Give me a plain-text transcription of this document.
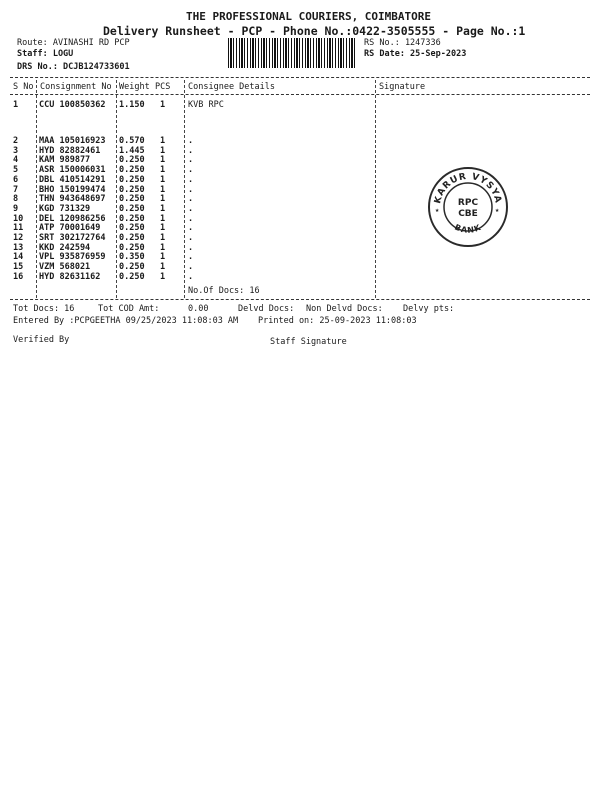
THE PROFESSIONAL COURIERS, COIMBATORE
Delivery Runsheet - PCP - Phone No.:0422-3505555 - Page No.:1
Route: AVINASHI RD PCP
Staff: LOGU
DRS No.: DCJB124733601
RS No.: 1247336
RS Date: 25-Sep-2023
S No Consignment No Weight PCS Consignee Details	Signature
1 CCU 100850362 1.150 1	KVB RPC
2 MAA 105016923 0.570 1	.
3 HYD 82882461 1.445 1	.
4 KAM 989877	0.250 1	.
5 ASR 150006031 0.250 1	.
6 DBL 410514291 0.250 1	.
7 BHO 150199474 0.250 1	.
8 THN 943648697 0.250 1	.
9 KGD 731329	0.250 1	.
10 DEL 120986256 0.250 1	.
11 ATP 70001649 0.250 1	.
12 SRT 302172764 0.250 1	.
13 KKD 242594	0.250 1	.
14 VPL 935876959 0.350 1	.
15 VZM 568021	0.250 1	.
16 HYD 82631162 0.250 1	.
No.Of Docs: 16
KARUR VYSYA
BANK
RPC
CBE
★	★
Tot Docs: 16	Tot COD Amt:	0.00	Delvd Docs: Non Delvd Docs: Delvy pts:
Entered By :PCPGEETHA 09/25/2023 11:08:03 AM Printed on: 25-09-2023 11:08:03
Verified By	Staff Signature
